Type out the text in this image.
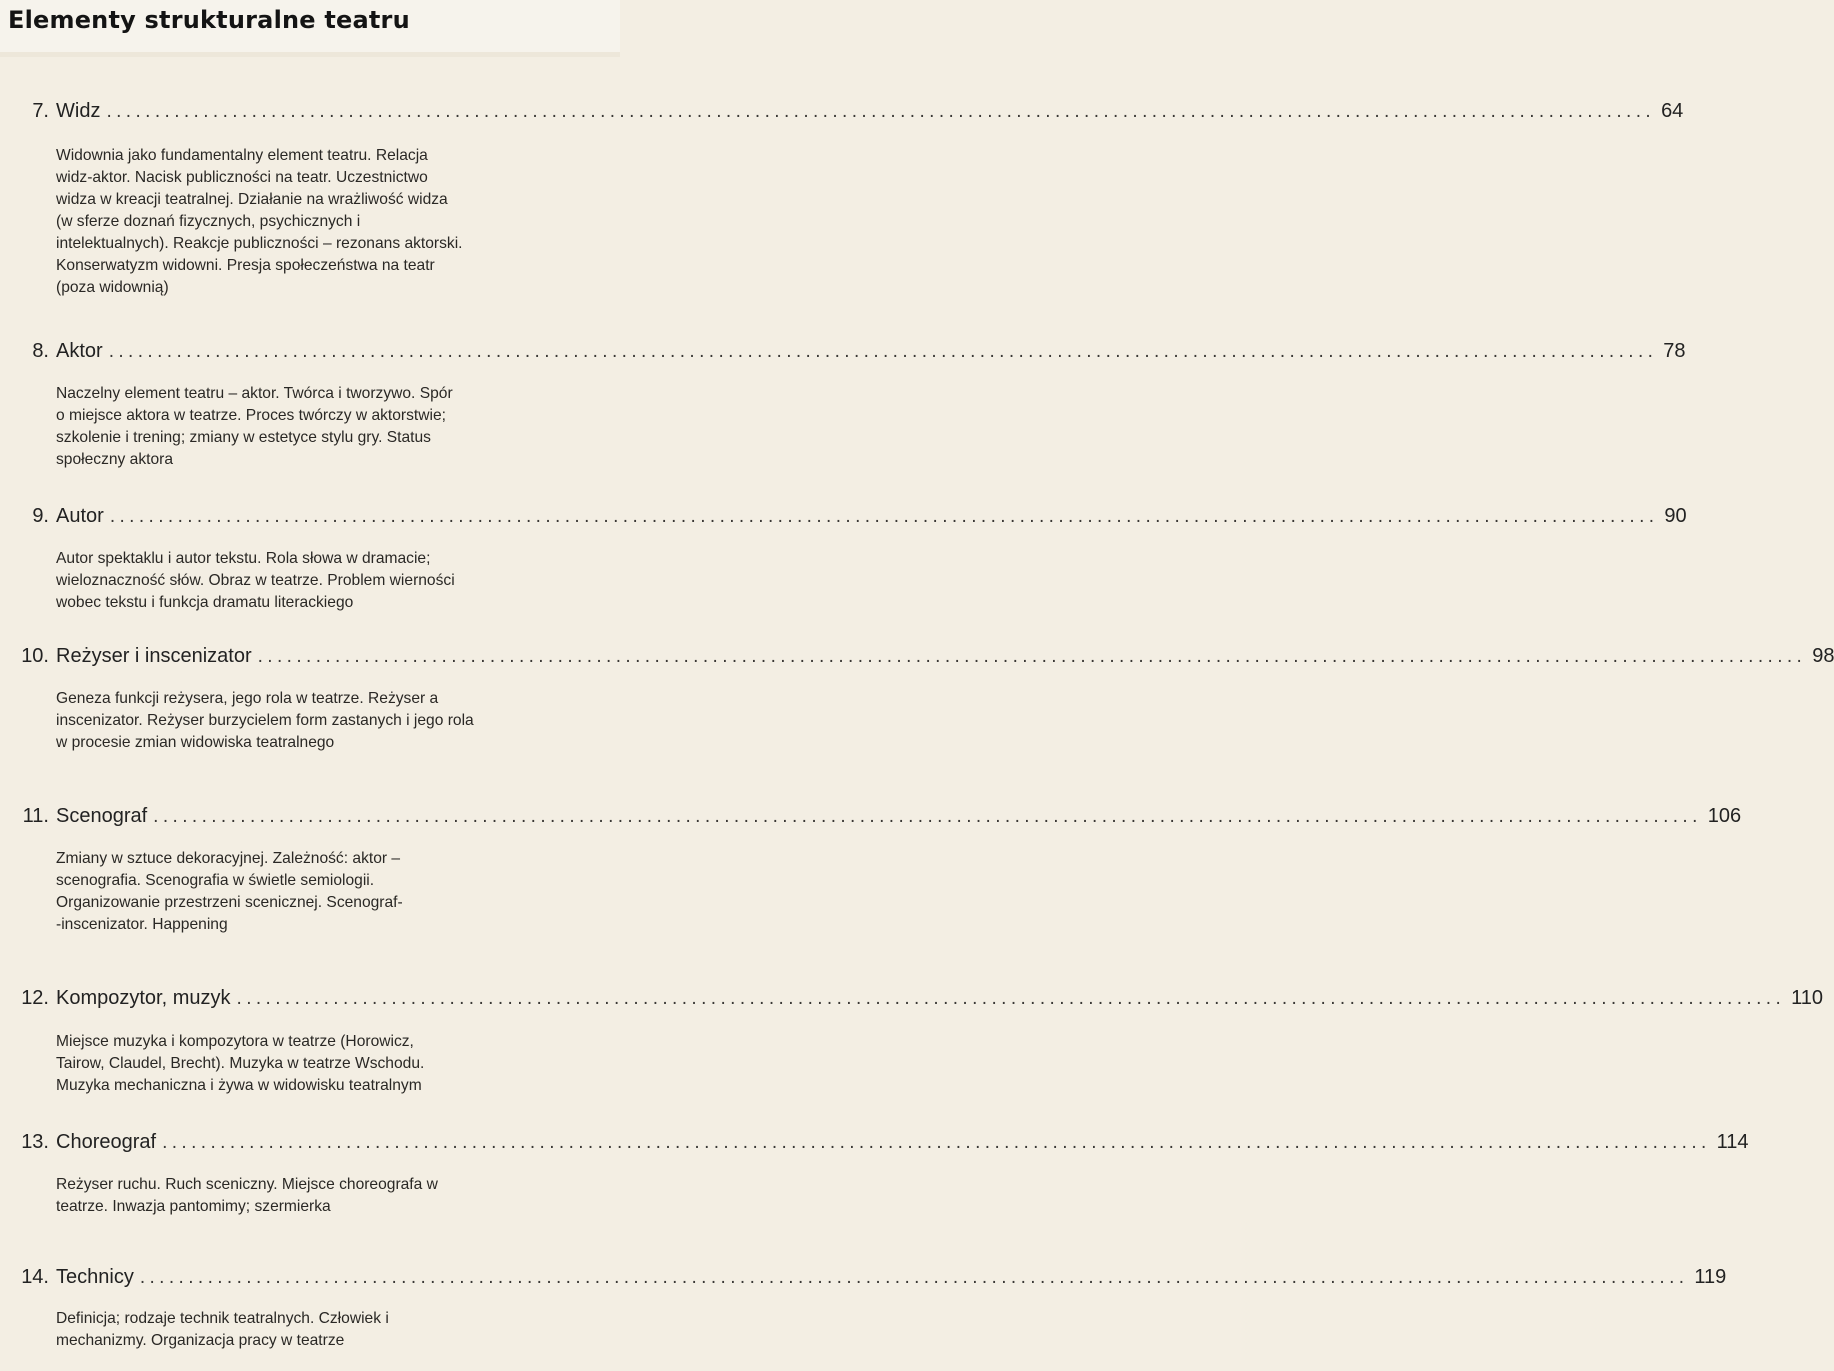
Elementy strukturalne teatru
7. Widz ................................................................................................................................................................ 64
Widownia jako fundamentalny element teatru. Relacja
widz-aktor. Nacisk publiczności na teatr. Uczestnictwo
widza w kreacji teatralnej. Działanie na wrażliwość widza
(w sferze doznań fizycznych, psychicznych i
intelektualnych). Reakcje publiczności – rezonans aktorski.
Konserwatyzm widowni. Presja społeczeństwa na teatr
(poza widownią)
8. Aktor ................................................................................................................................................................ 78
Naczelny element teatru – aktor. Twórca i tworzywo. Spór
o miejsce aktora w teatrze. Proces twórczy w aktorstwie;
szkolenie i trening; zmiany w estetyce stylu gry. Status
społeczny aktora
9. Autor ................................................................................................................................................................ 90
Autor spektaklu i autor tekstu. Rola słowa w dramacie;
wieloznaczność słów. Obraz w teatrze. Problem wierności
wobec tekstu i funkcja dramatu literackiego
10. Reżyser i inscenizator ................................................................................................................................................................ 98
Geneza funkcji reżysera, jego rola w teatrze. Reżyser a
inscenizator. Reżyser burzycielem form zastanych i jego rola
w procesie zmian widowiska teatralnego
11. Scenograf ................................................................................................................................................................ 106
Zmiany w sztuce dekoracyjnej. Zależność: aktor –
scenografia. Scenografia w świetle semiologii.
Organizowanie przestrzeni scenicznej. Scenograf-
-inscenizator. Happening
12. Kompozytor, muzyk ................................................................................................................................................................ 110
Miejsce muzyka i kompozytora w teatrze (Horowicz,
Tairow, Claudel, Brecht). Muzyka w teatrze Wschodu.
Muzyka mechaniczna i żywa w widowisku teatralnym
13. Choreograf ................................................................................................................................................................ 114
Reżyser ruchu. Ruch sceniczny. Miejsce choreografa w
teatrze. Inwazja pantomimy; szermierka
14. Technicy ................................................................................................................................................................ 119
Definicja; rodzaje technik teatralnych. Człowiek i
mechanizmy. Organizacja pracy w teatrze
